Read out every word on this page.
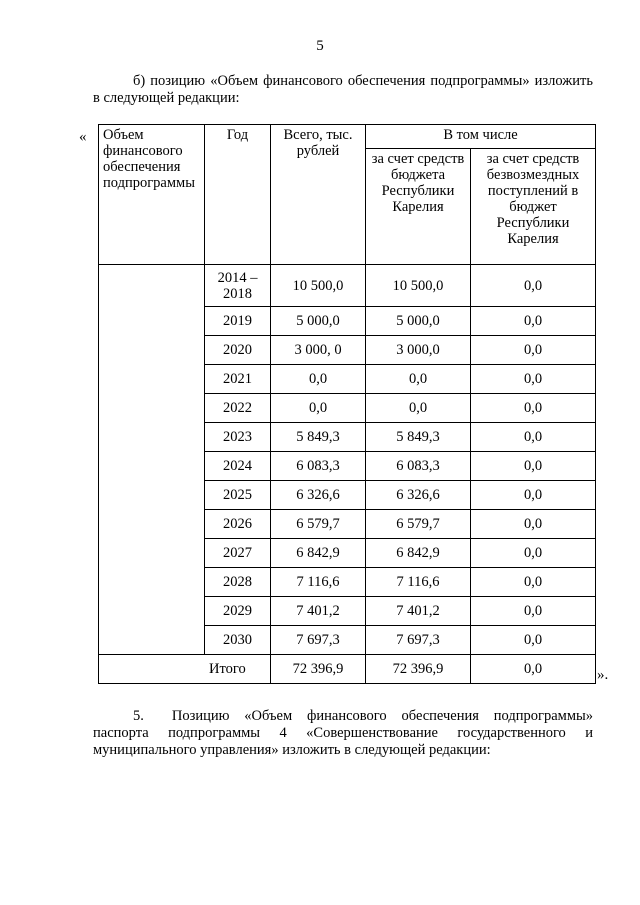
5
б) позицию «Объем финансового обеспечения подпрограммы» изложить в следующей редакции:
« Объем финансового обеспечения подпрограммы	Год	Всего, тыс. рублей	В том числе	
			за счет средств бюджета Республики Карелия	за счет средств безвозмездных поступлений в бюджет Республики Карелия
	2014 – 2018	10 500,0	10 500,0	0,0
	2019	5 000,0	5 000,0	0,0
	2020	3 000, 0	3 000,0	0,0
	2021	0,0	0,0	0,0
	2022	0,0	0,0	0,0
	2023	5 849,3	5 849,3	0,0
	2024	6 083,3	6 083,3	0,0
	2025	6 326,6	6 326,6	0,0
	2026	6 579,7	6 579,7	0,0
	2027	6 842,9	6 842,9	0,0
	2028	7 116,6	7 116,6	0,0
	2029	7 401,2	7 401,2	0,0
	2030	7 697,3	7 697,3	0,0
Итого		72 396,9	72 396,9	0,0	».
5. Позицию «Объем финансового обеспечения подпрограммы» паспорта подпрограммы 4 «Совершенствование государственного и муниципального управления» изложить в следующей редакции:
